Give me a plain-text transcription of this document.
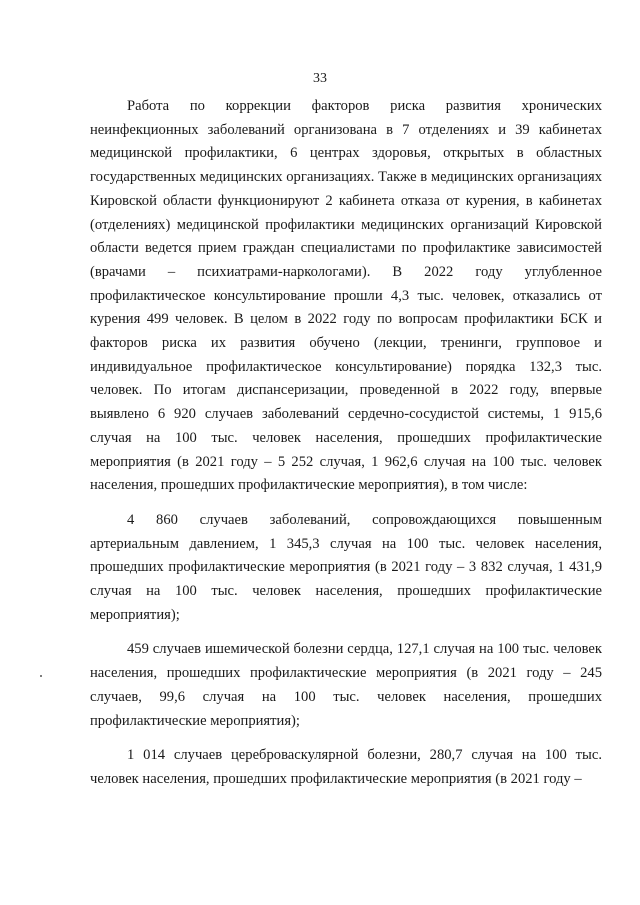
33

Работа по коррекции факторов риска развития хронических неинфекционных заболеваний организована в 7 отделениях и 39 кабинетах медицинской профилактики, 6 центрах здоровья, открытых в областных государственных медицинских организациях. Также в медицинских организациях Кировской области функционируют 2 кабинета отказа от курения, в кабинетах (отделениях) медицинской профилактики медицинских организаций Кировской области ведется прием граждан специалистами по профилактике зависимостей (врачами – психиатрами-наркологами). В 2022 году углубленное профилактическое консультирование прошли 4,3 тыс. человек, отказались от курения 499 человек. В целом в 2022 году по вопросам профилактики БСК и факторов риска их развития обучено (лекции, тренинги, групповое и индивидуальное профилактическое консультирование) порядка 132,3 тыс. человек. По итогам диспансеризации, проведенной в 2022 году, впервые выявлено 6 920 случаев заболеваний сердечно-сосудистой системы, 1 915,6 случая на 100 тыс. человек населения, прошедших профилактические мероприятия (в 2021 году – 5 252 случая, 1 962,6 случая на 100 тыс. человек населения, прошедших профилактические мероприятия), в том числе:

4 860 случаев заболеваний, сопровождающихся повышенным артериальным давлением, 1 345,3 случая на 100 тыс. человек населения, прошедших профилактические мероприятия (в 2021 году – 3 832 случая, 1 431,9 случая на 100 тыс. человек населения, прошедших профилактические мероприятия);

459 случаев ишемической болезни сердца, 127,1 случая на 100 тыс. человек населения, прошедших профилактические мероприятия (в 2021 году – 245 случаев, 99,6 случая на 100 тыс. человек населения, прошедших профилактические мероприятия);

1 014 случаев цереброваскулярной болезни, 280,7 случая на 100 тыс. человек населения, прошедших профилактические мероприятия (в 2021 году –
